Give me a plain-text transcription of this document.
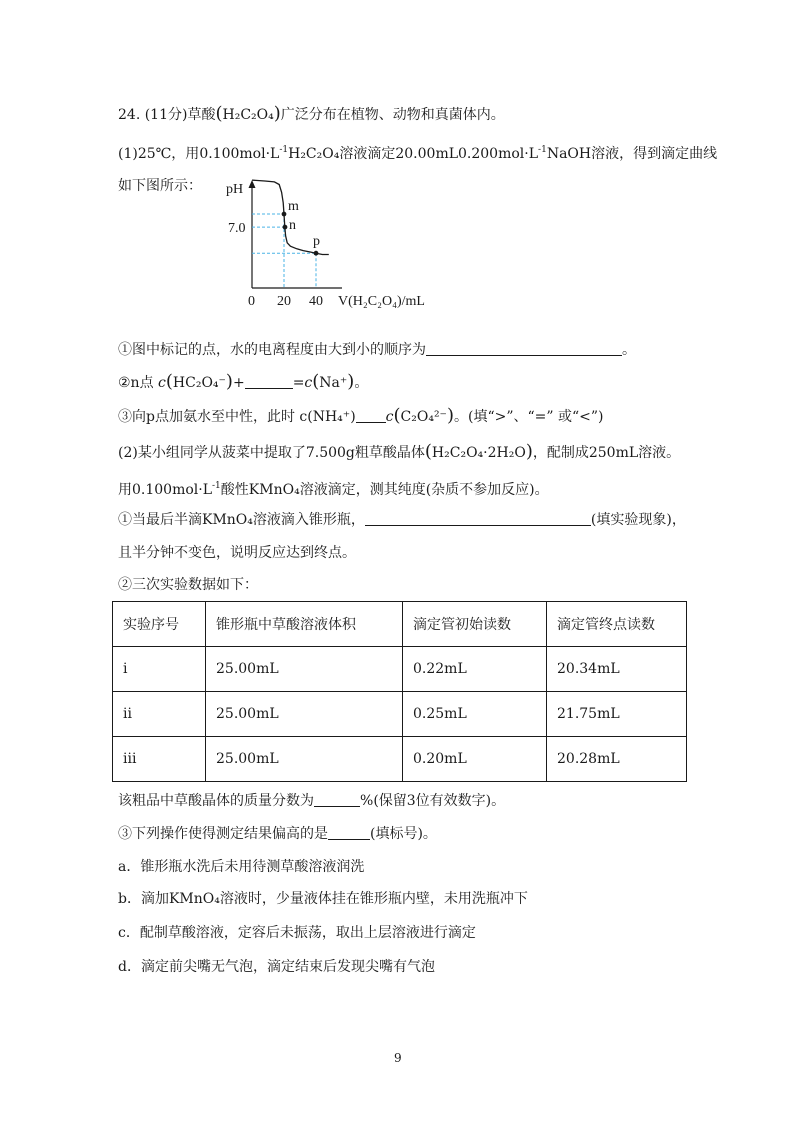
24. (11分)草酸(H₂C₂O₄)广泛分布在植物、动物和真菌体内。
(1)25℃，用$0.100mol\cdot L^{-1}H_2C_2O_4$溶液滴定$20.00mL0.200mol\cdot L^{-1}NaOH$溶液，得到滴定曲线
如下图所示： pH
m
n
p
0 20 40
7.0
V(H₂C₂O₄)/mL
①图中标记的点，水的电离程度由大到小的顺序为	。
②n点 c(HC₂O₄⁻)+	=c(Na⁺)。
③向p点加氨水至中性，此时 c(NH₄⁺) c(C₂O₄²⁻)。(填“>”、“=” 或“<”)
(2)某小组同学从菠菜中提取了7.500g粗草酸晶体(H₂C₂O₄·2H₂O)，配制成250mL溶液。
用$0.100mol\cdot L^{-1}$酸性KMnO₄溶液滴定，测其纯度(杂质不参加反应)。
①当最后半滴KMnO₄溶液滴入锥形瓶，	(填实验现象)，
且半分钟不变色，说明反应达到终点。
②三次实验数据如下：
实验序号	锥形瓶中草酸溶液体积	滴定管初始读数	滴定管终点读数
i	25.00mL	0.22mL	20.34mL
ii	25.00mL	0.25mL	21.75mL
iii	25.00mL	0.20mL	20.28mL
该粗品中草酸晶体的质量分数为	%(保留3位有效数字)。
③下列操作使得测定结果偏高的是	(填标号)。
a．锥形瓶水洗后未用待测草酸溶液润洗
b．滴加KMnO₄溶液时，少量液体挂在锥形瓶内壁，未用洗瓶冲下
c．配制草酸溶液，定容后未振荡，取出上层溶液进行滴定
d．滴定前尖嘴无气泡，滴定结束后发现尖嘴有气泡
9
